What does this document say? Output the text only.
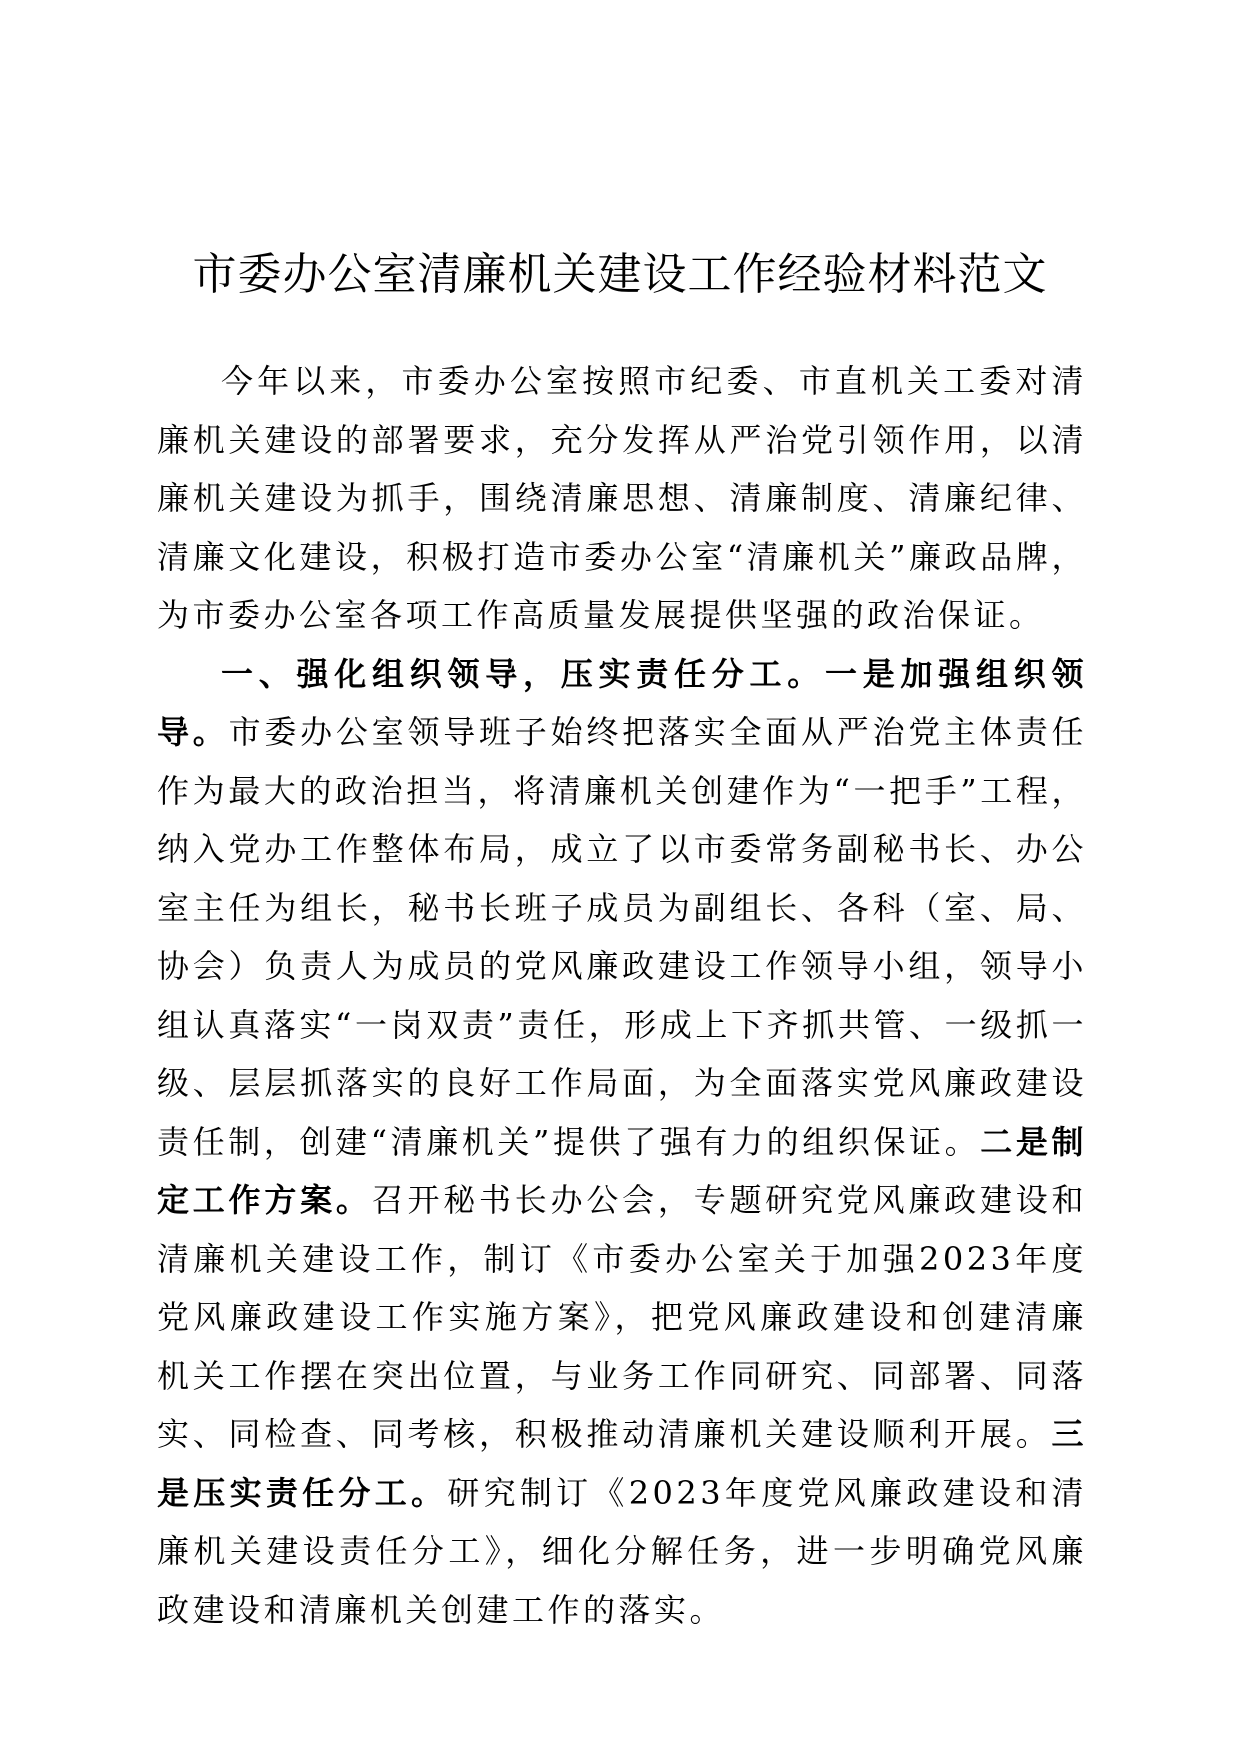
市委办公室清廉机关建设工作经验材料范文

今年以来，市委办公室按照市纪委、市直机关工委对清廉机关建设的部署要求，充分发挥从严治党引领作用，以清廉机关建设为抓手，围绕清廉思想、清廉制度、清廉纪律、清廉文化建设，积极打造市委办公室“清廉机关”廉政品牌，为市委办公室各项工作高质量发展提供坚强的政治保证。

一、强化组织领导，压实责任分工。一是加强组织领导。市委办公室领导班子始终把落实全面从严治党主体责任作为最大的政治担当，将清廉机关创建作为“一把手”工程，纳入党办工作整体布局，成立了以市委常务副秘书长、办公室主任为组长，秘书长班子成员为副组长、各科（室、局、协会）负责人为成员的党风廉政建设工作领导小组，领导小组认真落实“一岗双责”责任，形成上下齐抓共管、一级抓一级、层层抓落实的良好工作局面，为全面落实党风廉政建设责任制，创建“清廉机关”提供了强有力的组织保证。二是制定工作方案。召开秘书长办公会，专题研究党风廉政建设和清廉机关建设工作，制订《市委办公室关于加强2023年度党风廉政建设工作实施方案》，把党风廉政建设和创建清廉机关工作摆在突出位置，与业务工作同研究、同部署、同落实、同检查、同考核，积极推动清廉机关建设顺利开展。三是压实责任分工。研究制订《2023年度党风廉政建设和清廉机关建设责任分工》，细化分解任务，进一步明确党风廉政建设和清廉机关创建工作的落实。
